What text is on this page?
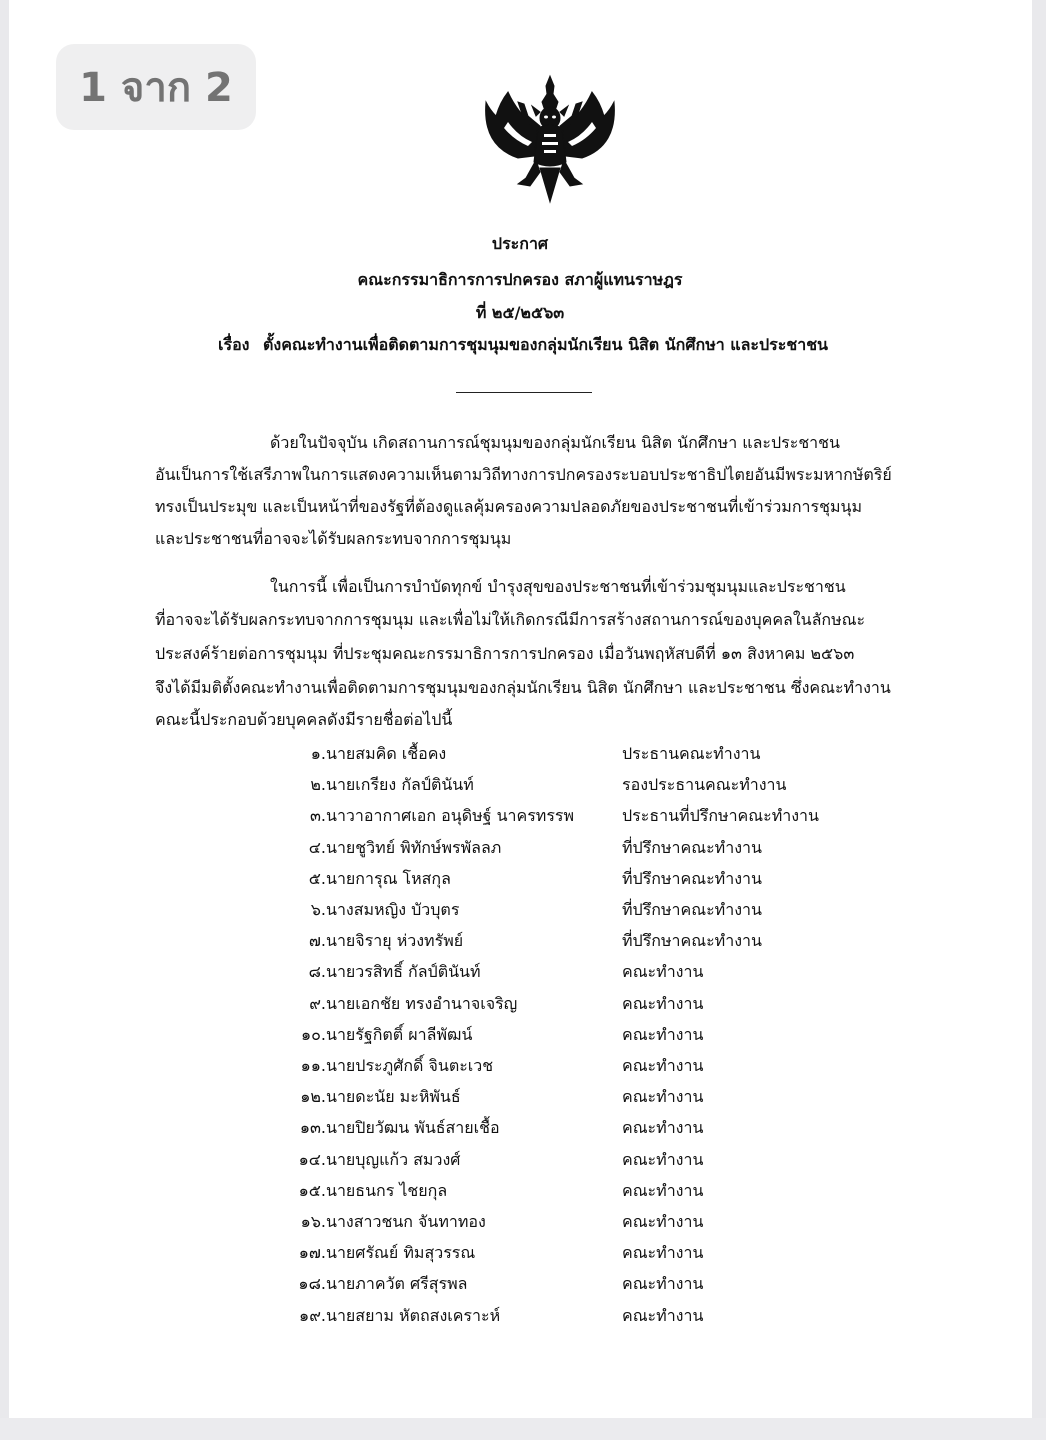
1 จาก 2
ประกาศ
คณะกรรมาธิการการปกครอง สภาผู้แทนราษฎร
ที่ ๒๕/๒๕๖๓
เรื่อง ตั้งคณะทำงานเพื่อติดตามการชุมนุมของกลุ่มนักเรียน นิสิต นักศึกษา และประชาชน
ด้วยในปัจจุบัน เกิดสถานการณ์ชุมนุมของกลุ่มนักเรียน นิสิต นักศึกษา และประชาชน
อันเป็นการใช้เสรีภาพในการแสดงความเห็นตามวิถีทางการปกครองระบอบประชาธิปไตยอันมีพระมหากษัตริย์
ทรงเป็นประมุข และเป็นหน้าที่ของรัฐที่ต้องดูแลคุ้มครองความปลอดภัยของประชาชนที่เข้าร่วมการชุมนุม
และประชาชนที่อาจจะได้รับผลกระทบจากการชุมนุม
ในการนี้ เพื่อเป็นการบำบัดทุกข์ บำรุงสุขของประชาชนที่เข้าร่วมชุมนุมและประชาชน
ที่อาจจะได้รับผลกระทบจากการชุมนุม และเพื่อไม่ให้เกิดกรณีมีการสร้างสถานการณ์ของบุคคลในลักษณะ
ประสงค์ร้ายต่อการชุมนุม ที่ประชุมคณะกรรมาธิการการปกครอง เมื่อวันพฤหัสบดีที่ ๑๓ สิงหาคม ๒๕๖๓
จึงได้มีมติตั้งคณะทำงานเพื่อติดตามการชุมนุมของกลุ่มนักเรียน นิสิต นักศึกษา และประชาชน ซึ่งคณะทำงาน
คณะนี้ประกอบด้วยบุคคลดังมีรายชื่อต่อไปนี้
๑. นายสมคิด เชื้อคง	ประธานคณะทำงาน
๒. นายเกรียง กัลป์ตินันท์	รองประธานคณะทำงาน
๓. นาวาอากาศเอก อนุดิษฐ์ นาครทรรพ	ประธานที่ปรึกษาคณะทำงาน
๔. นายชูวิทย์ พิทักษ์พรพัลลภ	ที่ปรึกษาคณะทำงาน
๕. นายการุณ โหสกุล	ที่ปรึกษาคณะทำงาน
๖. นางสมหญิง บัวบุตร	ที่ปรึกษาคณะทำงาน
๗. นายจิรายุ ห่วงทรัพย์	ที่ปรึกษาคณะทำงาน
๘. นายวรสิทธิ์ กัลป์ตินันท์	คณะทำงาน
๙. นายเอกชัย ทรงอำนาจเจริญ	คณะทำงาน
๑๐. นายรัฐกิตติ์ ผาลีพัฒน์	คณะทำงาน
๑๑. นายประภูศักดิ์ จินตะเวช	คณะทำงาน
๑๒. นายดะนัย มะหิพันธ์	คณะทำงาน
๑๓. นายปิยวัฒน พันธ์สายเชื้อ	คณะทำงาน
๑๔. นายบุญแก้ว สมวงศ์	คณะทำงาน
๑๕. นายธนกร ไชยกุล	คณะทำงาน
๑๖. นางสาวชนก จันทาทอง	คณะทำงาน
๑๗. นายศรัณย์ ทิมสุวรรณ	คณะทำงาน
๑๘. นายภาควัต ศรีสุรพล	คณะทำงาน
๑๙. นายสยาม หัตถสงเคราะห์	คณะทำงาน
